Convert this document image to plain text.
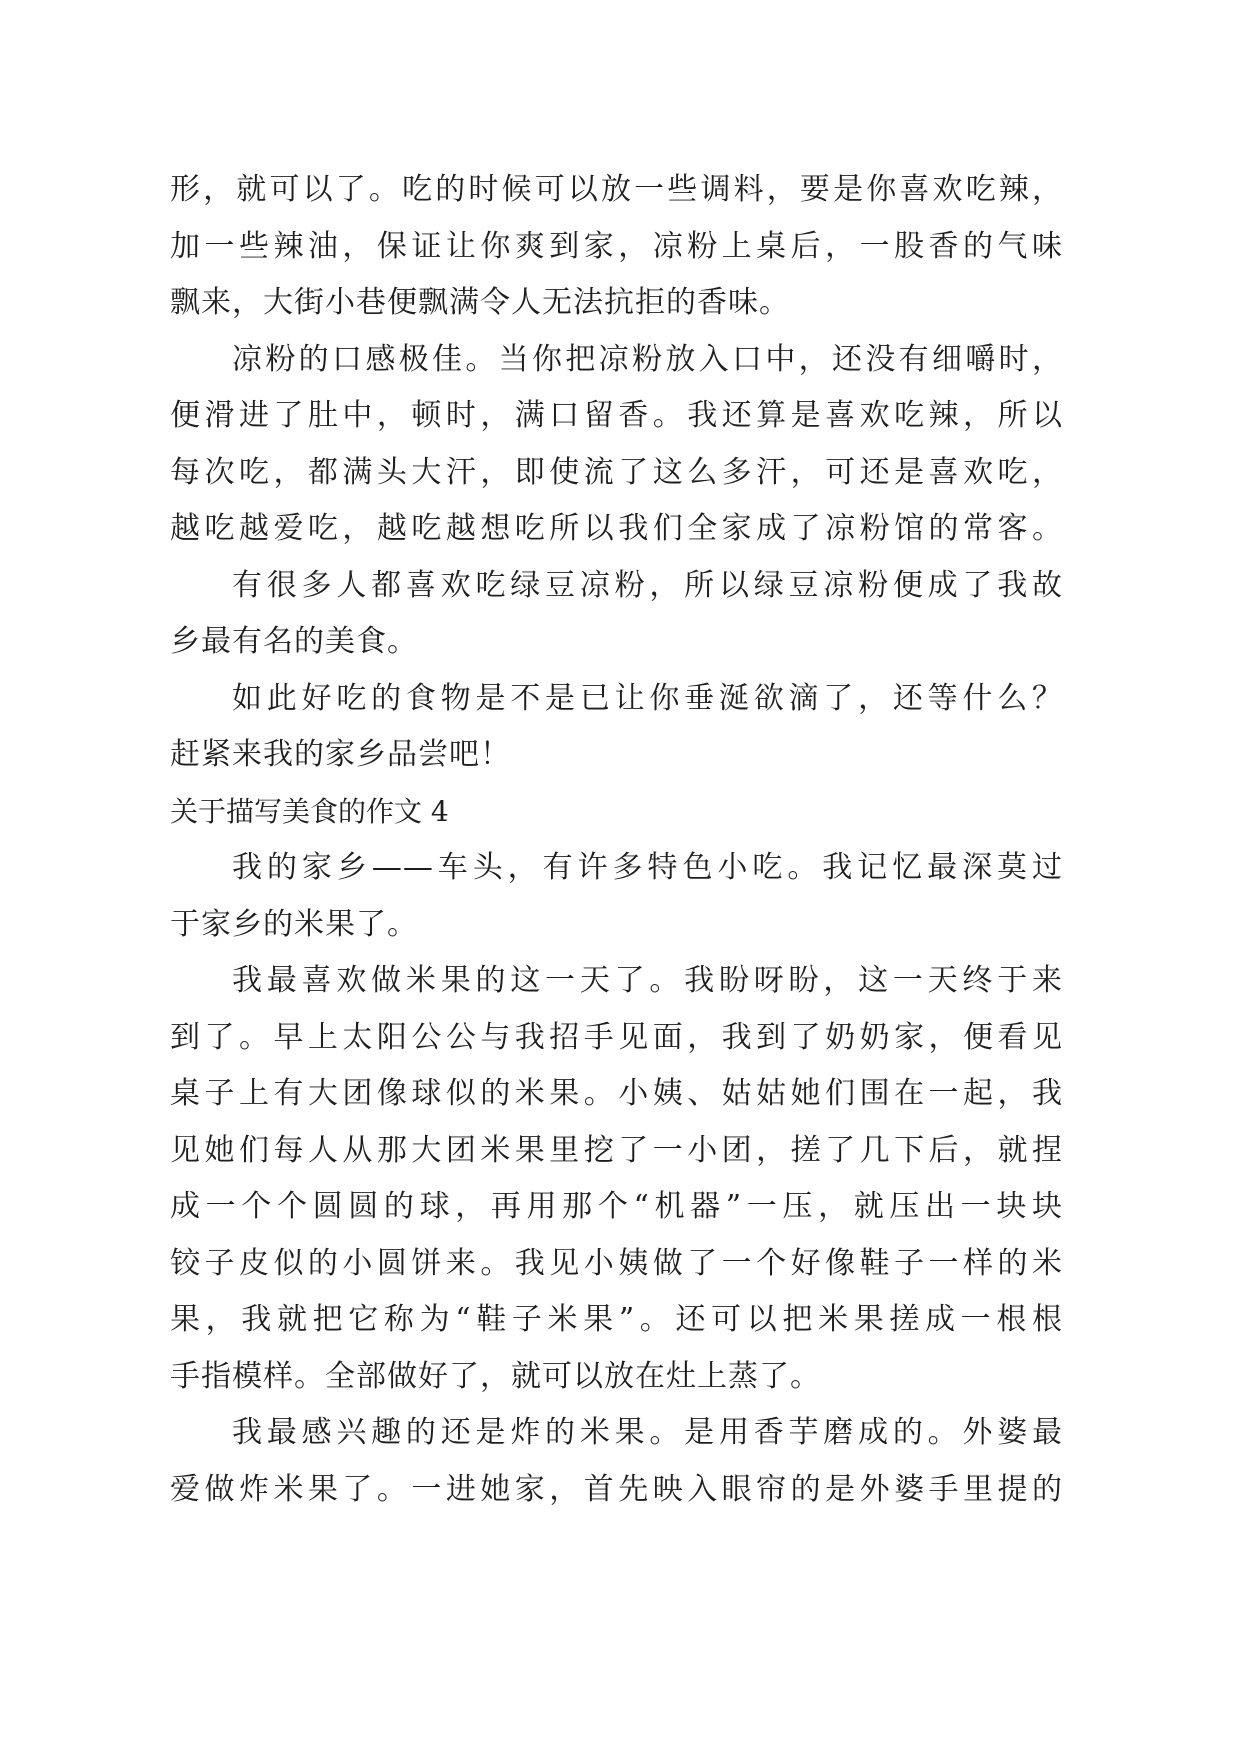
形，就可以了。吃的时候可以放一些调料，要是你喜欢吃辣，
加一些辣油，保证让你爽到家，凉粉上桌后，一股香的气味
飘来，大街小巷便飘满令人无法抗拒的香味。
凉粉的口感极佳。当你把凉粉放入口中，还没有细嚼时，
便滑进了肚中，顿时，满口留香。我还算是喜欢吃辣，所以
每次吃，都满头大汗，即使流了这么多汗，可还是喜欢吃，
越吃越爱吃，越吃越想吃所以我们全家成了凉粉馆的常客。
有很多人都喜欢吃绿豆凉粉，所以绿豆凉粉便成了我故
乡最有名的美食。
如此好吃的食物是不是已让你垂涎欲滴了，还等什么？
赶紧来我的家乡品尝吧！
关于描写美食的作文 4
我的家乡——车头，有许多特色小吃。我记忆最深莫过
于家乡的米果了。
我最喜欢做米果的这一天了。我盼呀盼，这一天终于来
到了。早上太阳公公与我招手见面，我到了奶奶家，便看见
桌子上有大团像球似的米果。小姨、姑姑她们围在一起，我
见她们每人从那大团米果里挖了一小团，搓了几下后，就捏
成一个个圆圆的球，再用那个“机器”一压，就压出一块块
铰子皮似的小圆饼来。我见小姨做了一个好像鞋子一样的米
果，我就把它称为“鞋子米果”。还可以把米果搓成一根根
手指模样。全部做好了，就可以放在灶上蒸了。
我最感兴趣的还是炸的米果。是用香芋磨成的。外婆最
爱做炸米果了。一进她家，首先映入眼帘的是外婆手里提的
